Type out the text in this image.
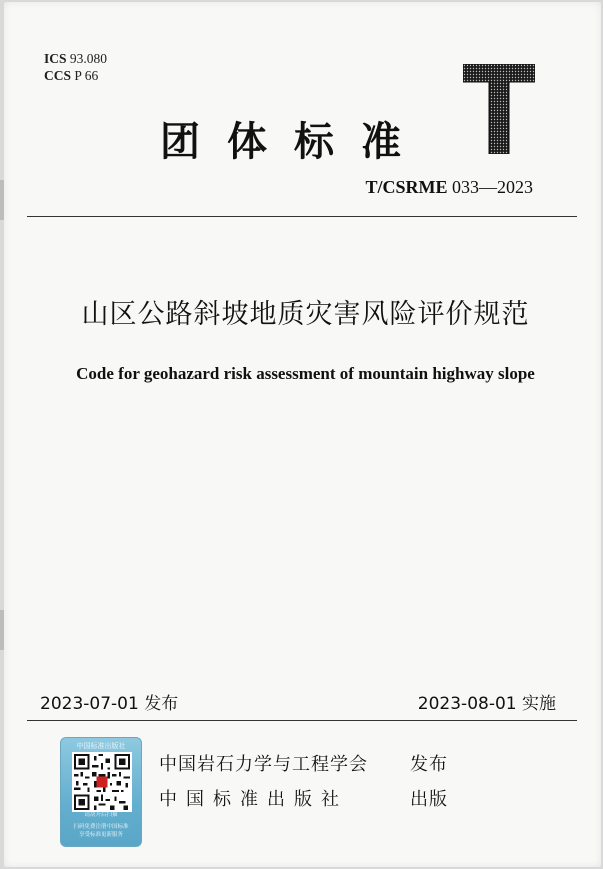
ICS 93.080
CCS P 66
团体标准
T/CSRME 033—2023
山区公路斜坡地质灾害风险评价规范
Code for geohazard risk assessment of mountain highway slope
2023-07-01 发布	2023-08-01 实施
中国标准出版社
请刮开后扫描
扫码免费注册中国标准
享受标准更新服务
中国岩石力学与工程学会 发布
中国标准出版社	出版
